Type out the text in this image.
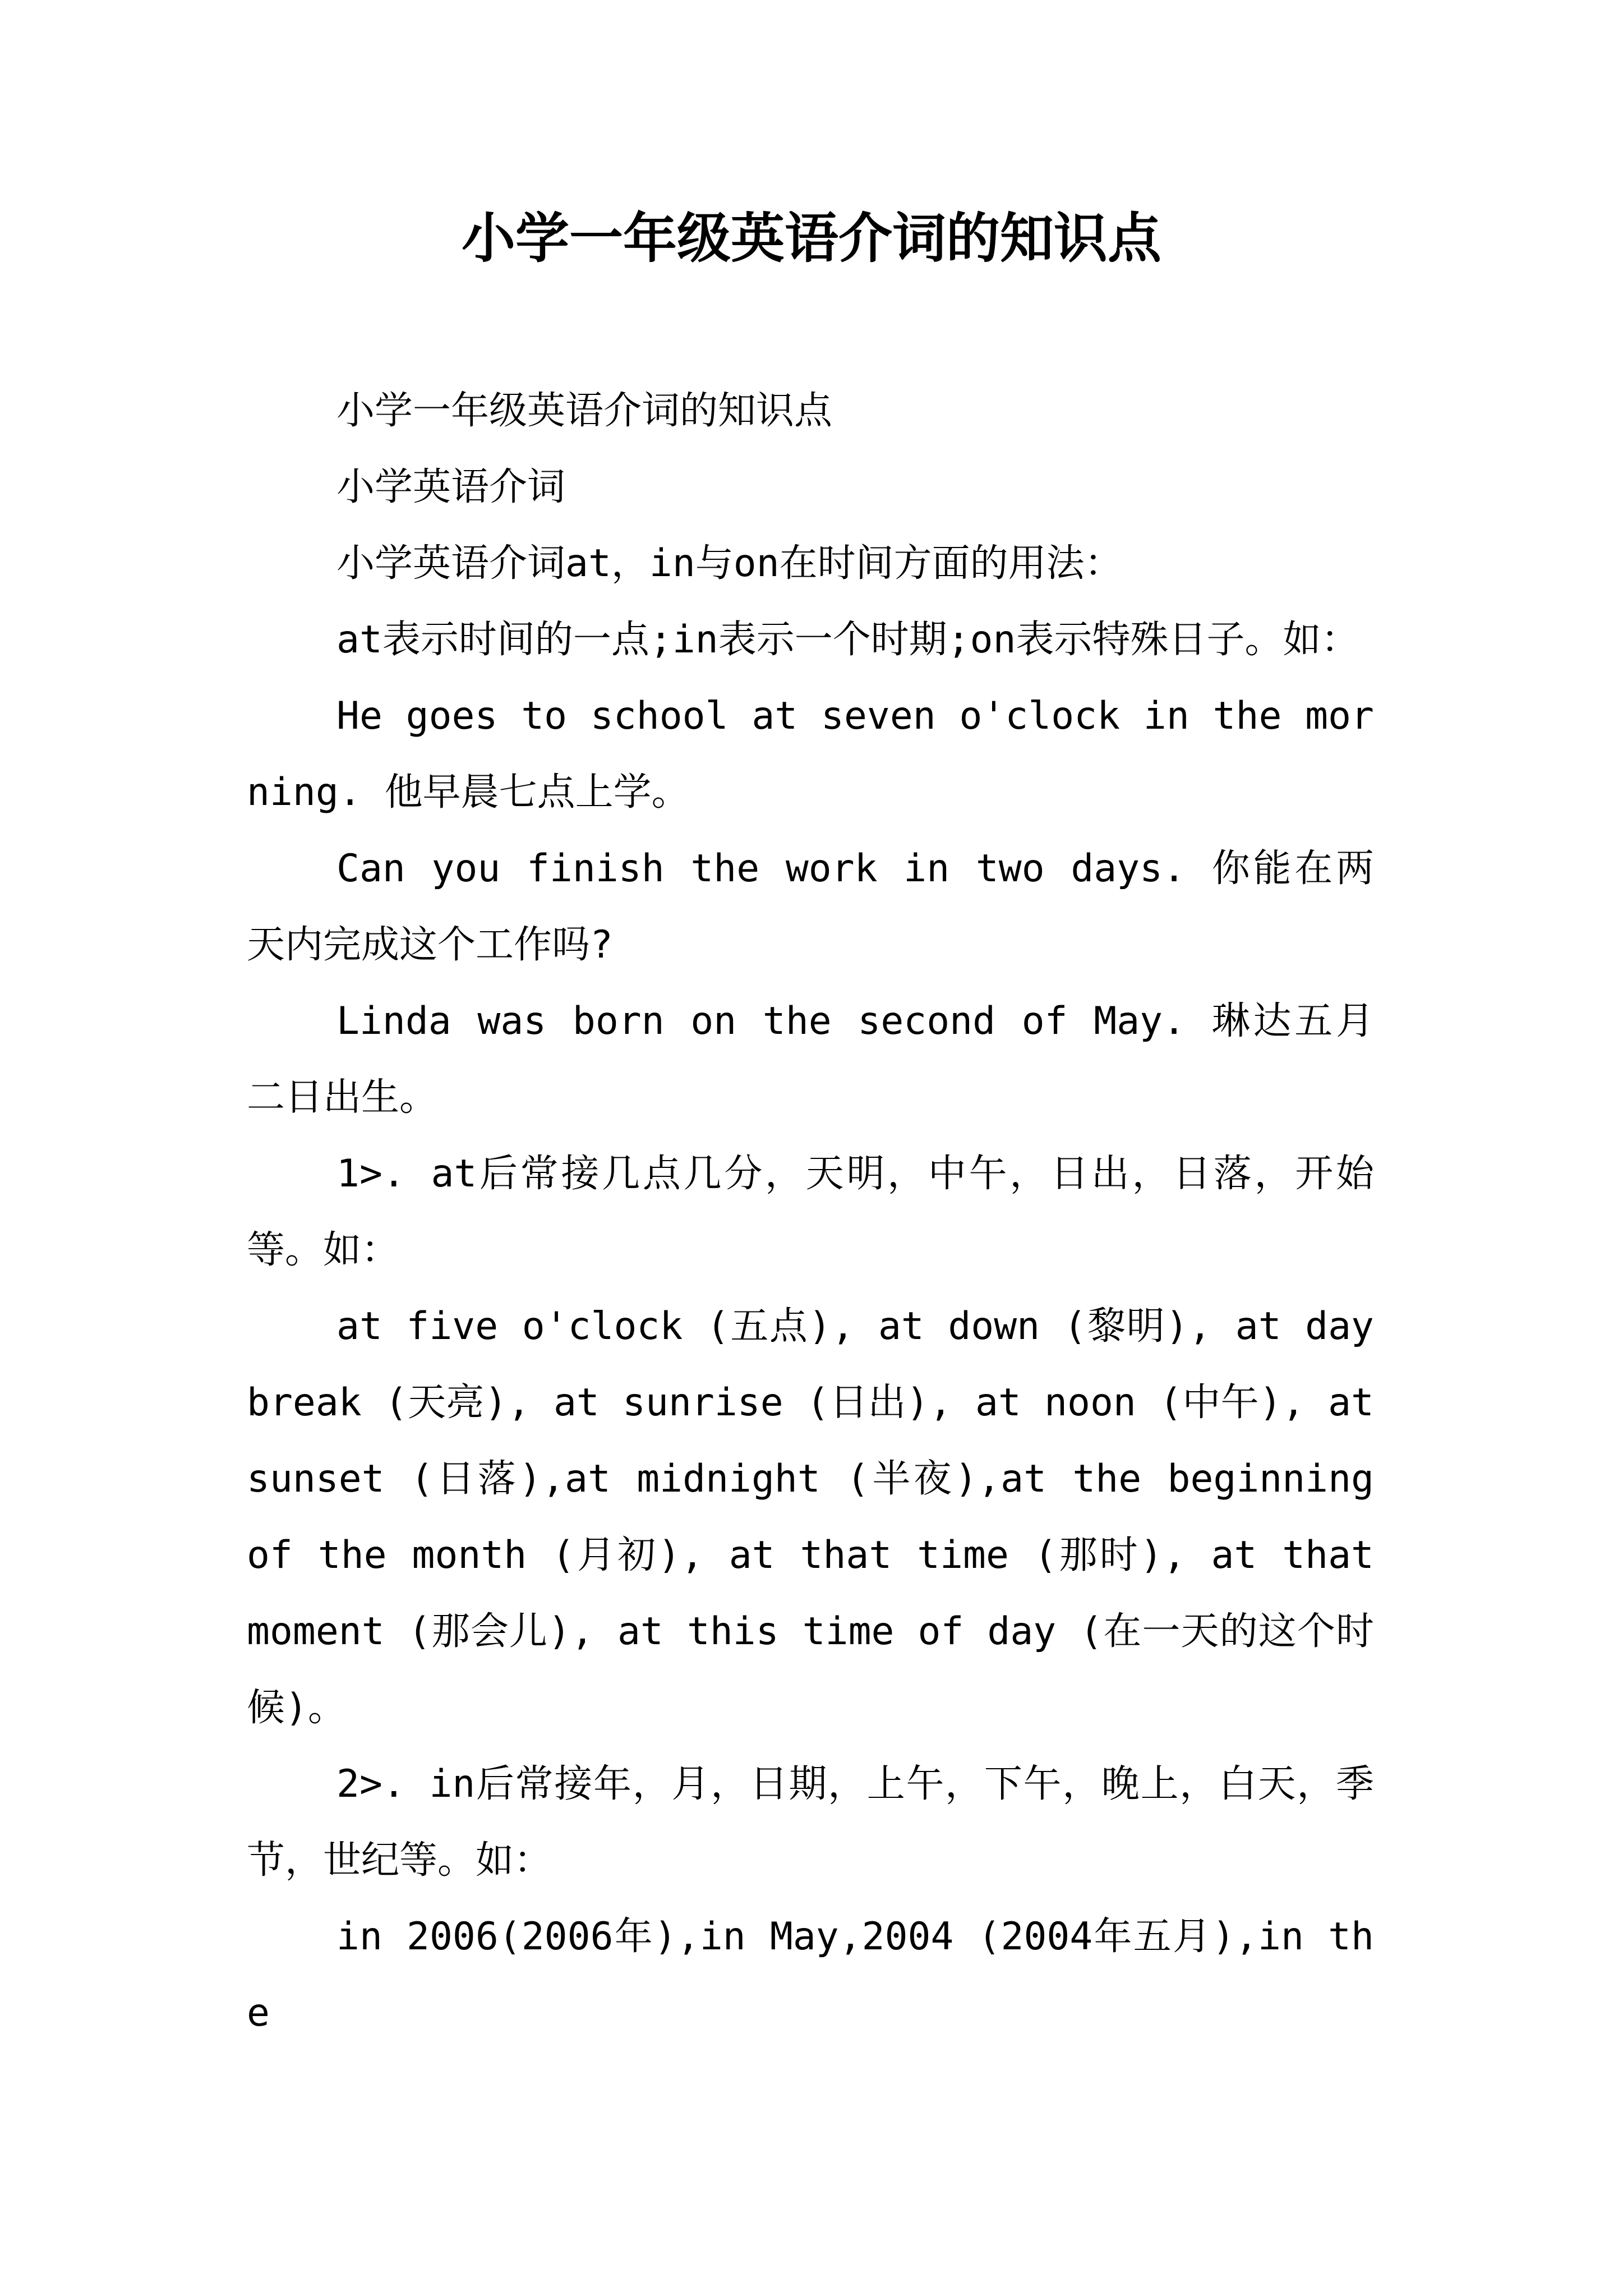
小学一年级英语介词的知识点

小学一年级英语介词的知识点

小学英语介词

小学英语介词at，in与on在时间方面的用法：

at表示时间的一点;in表示一个时期;on表示特殊日子。如：

He goes to school at seven o'clock in the morning. 他早晨七点上学。

Can you finish the work in two days. 你能在两天内完成这个工作吗?

Linda was born on the second of May. 琳达五月二日出生。

1>. at后常接几点几分，天明，中午，日出，日落，开始等。如：

at five o'clock (五点), at down (黎明), at daybreak (天亮), at sunrise (日出), at noon (中午), at sunset (日落),at midnight (半夜),at the beginning of the month (月初), at that time (那时), at that moment (那会儿), at this time of day (在一天的这个时候)。

2>. in后常接年，月，日期，上午，下午，晚上，白天，季节，世纪等。如：

in 2006(2006年),in May,2004 (2004年五月),in the
